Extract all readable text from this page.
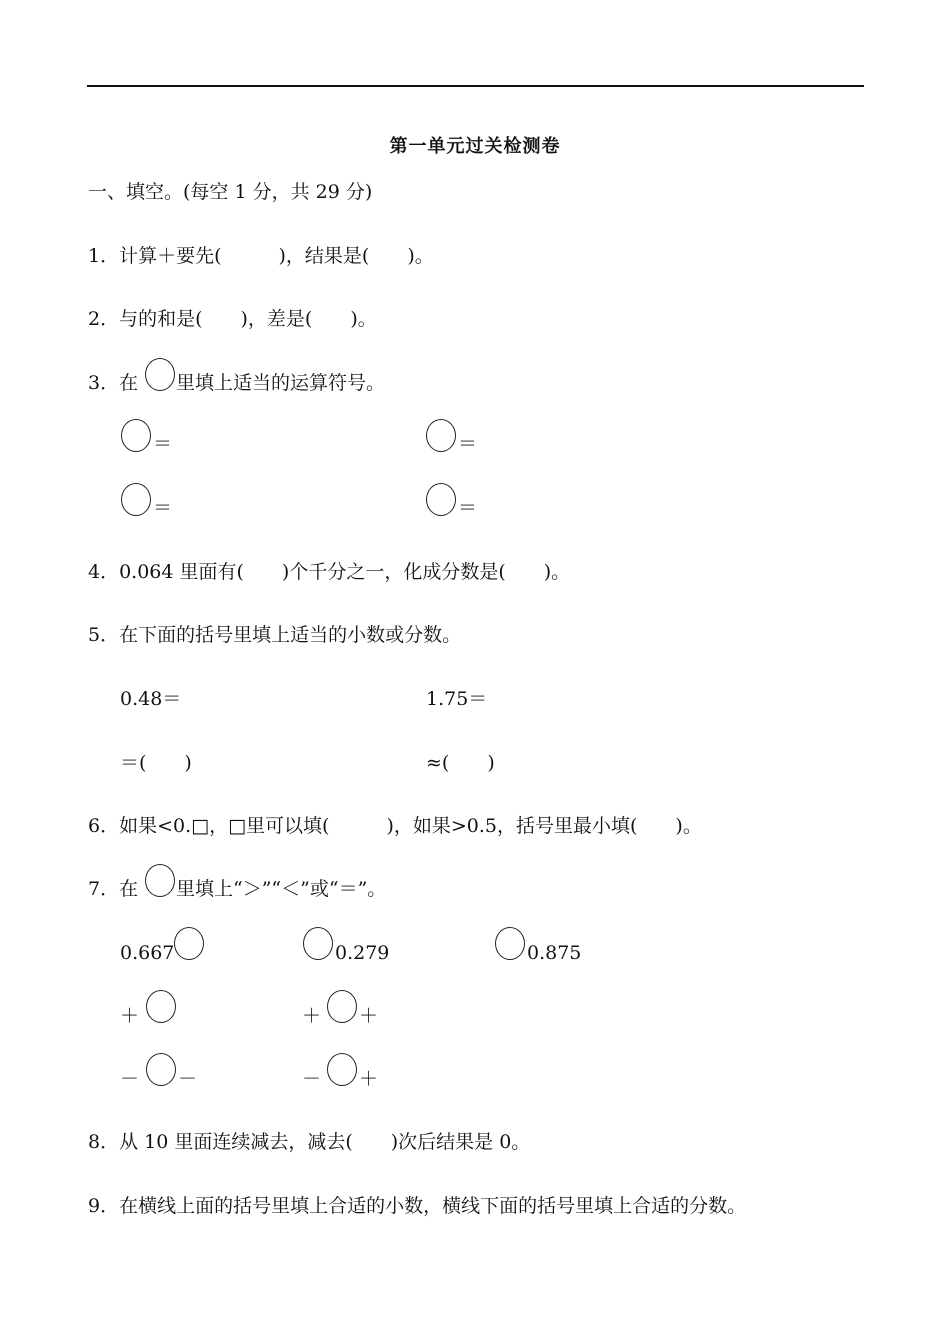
第一单元过关检测卷
一、填空。(每空 1 分，共 29 分)
1．计算＋要先(　　　)，结果是(　　)。
2．与的和是(　　)，差是(　　)。
3．在 里填上适当的运算符号。
＝	＝
＝	＝
4．0.064 里面有(　　)个千分之一，化成分数是(　　)。
5．在下面的括号里填上适当的小数或分数。
0.48＝	1.75＝
＝(　　)	≈(　　)
6．如果<0.□，□里可以填(　　　)，如果>0.5，括号里最小填(　　)。
7．在 里填上“＞”“＜”或“＝”。
0.667	0.279	0.875
＋	＋ ＋
－ －	－ ＋
8．从 10 里面连续减去，减去(　　)次后结果是 0。
9．在横线上面的括号里填上合适的小数，横线下面的括号里填上合适的分数。
